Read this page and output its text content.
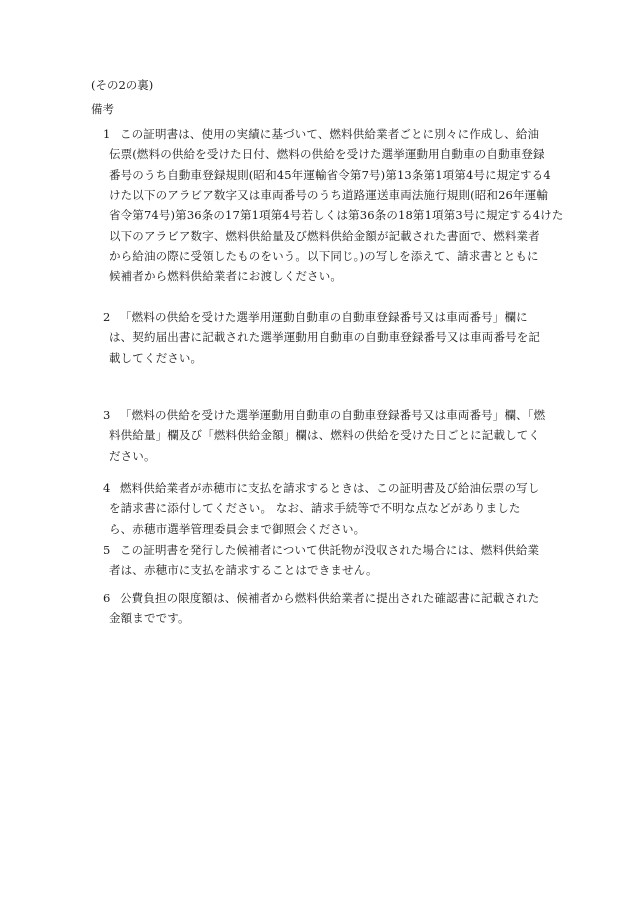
(その2の裏)
備考
1 この証明書は、使用の実績に基づいて、燃料供給業者ごとに別々に作成し、給油
伝票(燃料の供給を受けた日付、燃料の供給を受けた選挙運動用自動車の自動車登録
番号のうち自動車登録規則(昭和45年運輸省令第7号)第13条第1項第4号に規定する4
けた以下のアラビア数字又は車両番号のうち道路運送車両法施行規則(昭和26年運輸
省令第74号)第36条の17第1項第4号若しくは第36条の18第1項第3号に規定する4けた
以下のアラビア数字、燃料供給量及び燃料供給金額が記載された書面で、燃料業者
から給油の際に受領したものをいう。以下同じ。)の写しを添えて、請求書とともに
候補者から燃料供給業者にお渡しください。
2 「燃料の供給を受けた選挙用運動自動車の自動車登録番号又は車両番号」欄に
は、契約届出書に記載された選挙運動用自動車の自動車登録番号又は車両番号を記
載してください。
3 「燃料の供給を受けた選挙運動用自動車の自動車登録番号又は車両番号」欄、「燃
料供給量」欄及び「燃料供給金額」欄は、燃料の供給を受けた日ごとに記載してく
ださい。
4 燃料供給業者が赤穂市に支払を請求するときは、この証明書及び給油伝票の写し
を請求書に添付してください。 なお、請求手続等で不明な点などがありました
ら、赤穂市選挙管理委員会まで御照会ください。
5 この証明書を発行した候補者について供託物が没収された場合には、燃料供給業
者は、赤穂市に支払を請求することはできません。
6 公費負担の限度額は、候補者から燃料供給業者に提出された確認書に記載された
金額までです。
